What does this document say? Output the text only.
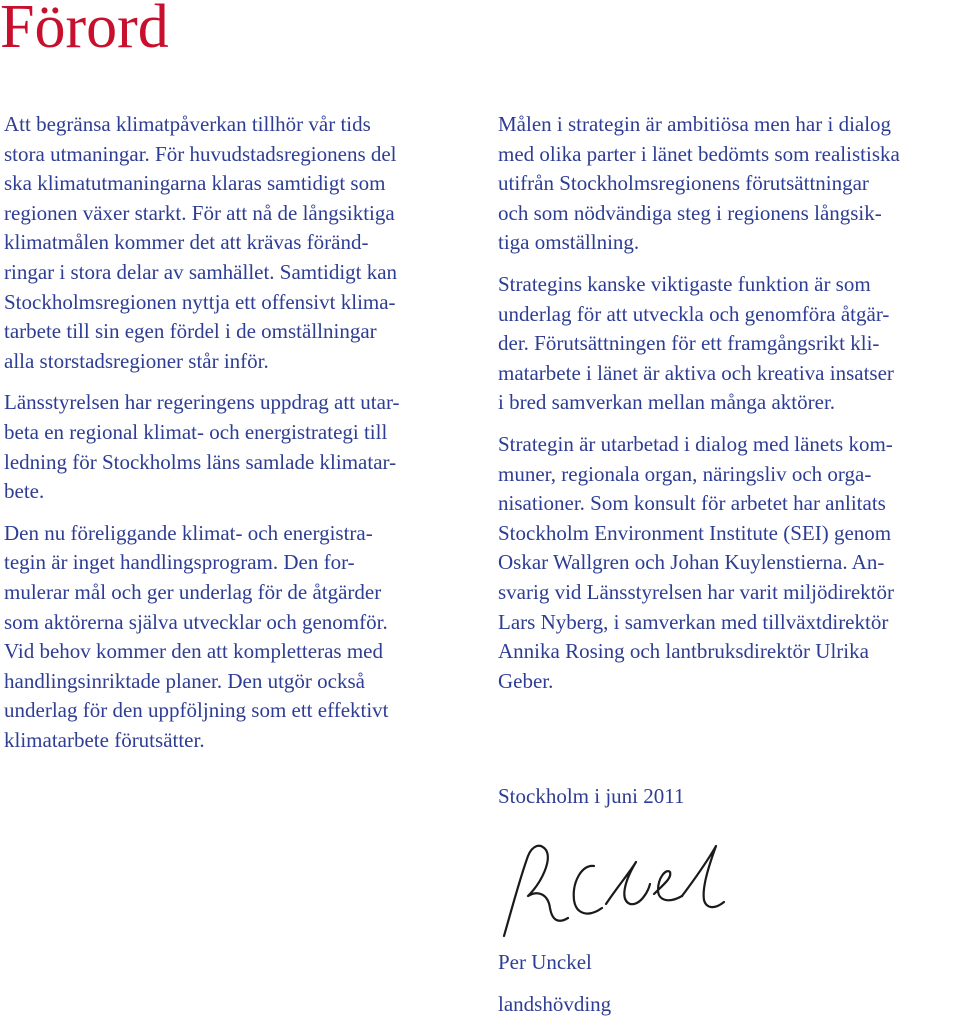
Förord

Att begränsa klimatpåverkan tillhör vår tids
stora utmaningar. För huvudstadsregionens del
ska klimatutmaningarna klaras samtidigt som
regionen växer starkt. För att nå de långsiktiga
klimatmålen kommer det att krävas föränd-
ringar i stora delar av samhället. Samtidigt kan
Stockholmsregionen nyttja ett offensivt klima-
tarbete till sin egen fördel i de omställningar
alla storstadsregioner står inför.

Länsstyrelsen har regeringens uppdrag att utar-
beta en regional klimat- och energistrategi till
ledning för Stockholms läns samlade klimatar-
bete.

Den nu föreliggande klimat- och energistra-
tegin är inget handlingsprogram. Den for-
mulerar mål och ger underlag för de åtgärder
som aktörerna själva utvecklar och genomför.
Vid behov kommer den att kompletteras med
handlingsinriktade planer. Den utgör också
underlag för den uppföljning som ett effektivt
klimatarbete förutsätter.

Målen i strategin är ambitiösa men har i dialog
med olika parter i länet bedömts som realistiska
utifrån Stockholmsregionens förutsättningar
och som nödvändiga steg i regionens långsik-
tiga omställning.

Strategins kanske viktigaste funktion är som
underlag för att utveckla och genomföra åtgär-
der. Förutsättningen för ett framgångsrikt kli-
matarbete i länet är aktiva och kreativa insatser
i bred samverkan mellan många aktörer.

Strategin är utarbetad i dialog med länets kom-
muner, regionala organ, näringsliv och orga-
nisationer. Som konsult för arbetet har anlitats
Stockholm Environment Institute (SEI) genom
Oskar Wallgren och Johan Kuylenstierna. An-
svarig vid Länsstyrelsen har varit miljödirektör
Lars Nyberg, i samverkan med tillväxtdirektör
Annika Rosing och lantbruksdirektör Ulrika
Geber.

Stockholm i juni 2011
Per Unckel
landshövding
